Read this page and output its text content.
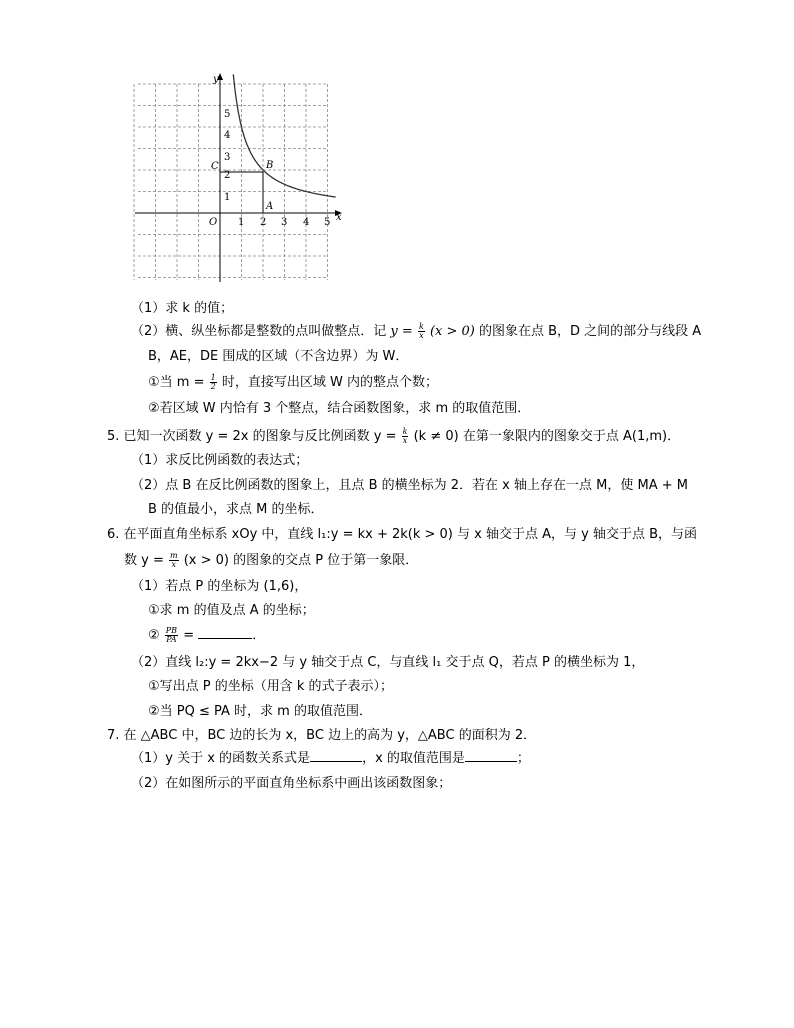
y
x
O 1 2 3 4 5
1
2
3
4
5
C	B
A
（1）求 k 的值；
（2）横、纵坐标都是整数的点叫做整点．记 $y = \frac{k}{x} (x > 0)$ 的图象在点 B，D 之间的部分与线段 A
B，AE，DE 围成的区域（不含边界）为 W．
①当 $m = \frac{1}{2}$ 时，直接写出区域 W 内的整点个数；
②若区域 W 内恰有 3 个整点，结合函数图象，求 m 的取值范围．
5. 已知一次函数 y = 2x 的图象与反比例函数 $y = \frac{k}{x} (k \ne 0)$ 在第一象限内的图象交于点 A(1,m)．
（1）求反比例函数的表达式；
（2）点 B 在反比例函数的图象上，且点 B 的横坐标为 2．若在 x 轴上存在一点 M，使 MA + M
B 的值最小，求点 M 的坐标．
6. 在平面直角坐标系 xOy 中，直线 l₁:y = kx + 2k(k > 0) 与 x 轴交于点 A，与 y 轴交于点 B，与函
数 $y = \frac{m}{x} (x > 0)$ 的图象的交点 P 位于第一象限．
（1）若点 P 的坐标为 (1,6)，
①求 m 的值及点 A 的坐标；
② $\frac{PB}{PA}$ =	．
（2）直线 l₂:y = 2kx−2 与 y 轴交于点 C，与直线 l₁ 交于点 Q，若点 P 的横坐标为 1，
①写出点 P 的坐标（用含 k 的式子表示）；
②当 PQ ≤ PA 时，求 m 的取值范围．
7. 在 △ABC 中，BC 边的长为 x，BC 边上的高为 y，△ABC 的面积为 2．
（1）y 关于 x 的函数关系式是	，x 的取值范围是	；
（2）在如图所示的平面直角坐标系中画出该函数图象；
